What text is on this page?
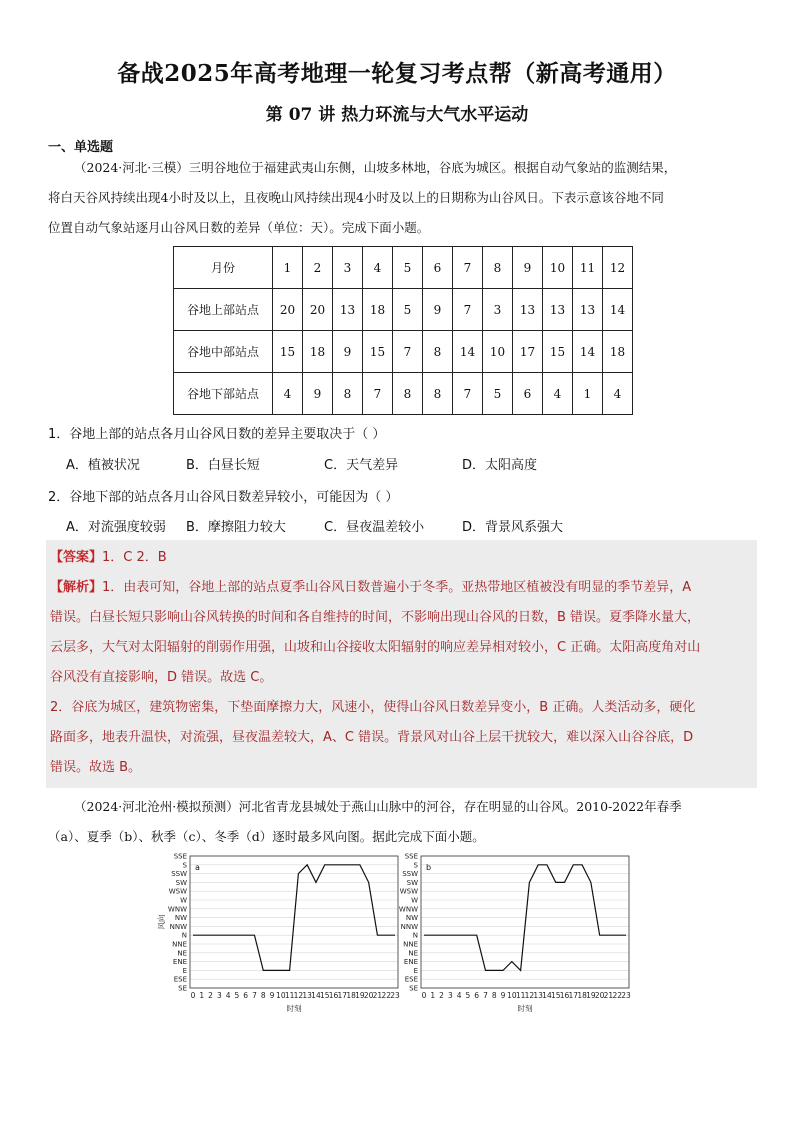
备战2025年高考地理一轮复习考点帮（新高考通用）
第 07 讲 热力环流与大气水平运动
一、单选题
（2024·河北·三模）三明谷地位于福建武夷山东侧，山坡多林地，谷底为城区。根据自动气象站的监测结果，
将白天谷风持续出现4小时及以上，且夜晚山风持续出现4小时及以上的日期称为山谷风日。下表示意该谷地不同
位置自动气象站逐月山谷风日数的差异（单位：天）。完成下面小题。
月份	1	2	3	4	5	6	7	8	9	10	11	12
谷地上部站点	20	20	13	18	5	9	7	3	13	13	13	14
谷地中部站点	15	18	9	15	7	8	14	10	17	15	14	18
谷地下部站点	4	9	8	7	8	8	7	5	6	4	1	4
1．谷地上部的站点各月山谷风日数的差异主要取决于（ ）
A．植被状况	B．白昼长短	C．天气差异	D．太阳高度
2．谷地下部的站点各月山谷风日数差异较小，可能因为（ ）
A．对流强度较弱	B．摩擦阻力较大	C．昼夜温差较小	D．背景风系强大
【答案】1．C 2．B
【解析】1．由表可知，谷地上部的站点夏季山谷风日数普遍小于冬季。亚热带地区植被没有明显的季节差异，A
错误。白昼长短只影响山谷风转换的时间和各自维持的时间，不影响出现山谷风的日数，B 错误。夏季降水量大，
云层多，大气对太阳辐射的削弱作用强，山坡和山谷接收太阳辐射的响应差异相对较小，C 正确。太阳高度角对山
谷风没有直接影响，D 错误。故选 C。
2．谷底为城区，建筑物密集，下垫面摩擦力大，风速小，使得山谷风日数差异变小，B 正确。人类活动多，硬化
路面多，地表升温快，对流强，昼夜温差较大，A、C 错误。背景风对山谷上层干扰较大，难以深入山谷谷底，D
错误。故选 B。
（2024·河北沧州·模拟预测）河北省青龙县城处于燕山山脉中的河谷，存在明显的山谷风。2010-2022年春季
（a）、夏季（b）、秋季（c）、冬季（d）逐时最多风向图。据此完成下面小题。
SE
ESE
E
ENE
NE
NNE
N
NNW
NW
WNW
W
WSW
SW
SSW
S
SSE
0 1 2 3 4 5 6 7 8 9 10 11 12 13 14 15 16 17 18 19 20 21 22 23
时刻
风向
a
SE
ESE
E
ENE
NE
NNE
N
NNW
NW
WNW
W
WSW
SW
SSW
S
SSE
0 1 2 3 4 5 6 7 8 9 10 11 12 13 14 15 16 17 18 19 20 21 22 23
时刻
b
